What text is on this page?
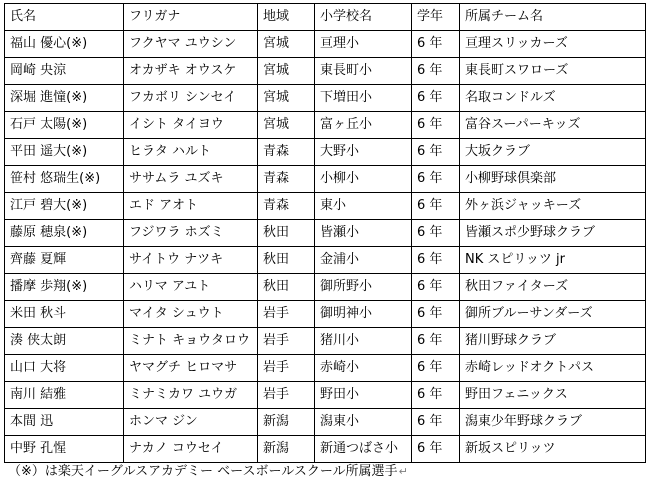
氏名	フリガナ	地域	小学校名	学年	所属チーム名
福山 優心(※)	フクヤマ ユウシン	宮城	亘理小	6 年	亘理スリッカーズ
岡崎 央涼	オカザキ オウスケ	宮城	東長町小	6 年	東長町スワローズ
深堀 進憧(※)	フカボリ シンセイ	宮城	下増田小	6 年	名取コンドルズ
石戸 太陽(※)	イシト タイヨウ	宮城	富ヶ丘小	6 年	富谷スーパーキッズ
平田 遥大(※)	ヒラタ ハルト	青森	大野小	6 年	大坂クラブ
笹村 悠瑞生(※)	ササムラ ユズキ	青森	小柳小	6 年	小柳野球倶楽部
江戸 碧大(※)	エド アオト	青森	東小	6 年	外ヶ浜ジャッキーズ
藤原 穂泉(※)	フジワラ ホズミ	秋田	皆瀬小	6 年	皆瀬スポ少野球クラブ
齊藤 夏輝	サイトウ ナツキ	秋田	金浦小	6 年	NK スピリッツ jr
播摩 歩翔(※)	ハリマ アユト	秋田	御所野小	6 年	秋田ファイターズ
米田 秋斗	マイタ シュウト	岩手	御明神小	6 年	御所ブルーサンダーズ
湊 侠太朗	ミナト キョウタロウ	岩手	猪川小	6 年	猪川野球クラブ
山口 大将	ヤマグチ ヒロマサ	岩手	赤崎小	6 年	赤崎レッドオクトパス
南川 結雅	ミナミカワ ユウガ	岩手	野田小	6 年	野田フェニックス
本間 迅	ホンマ ジン	新潟	潟東小	6 年	潟東少年野球クラブ
中野 孔惺	ナカノ コウセイ	新潟	新通つばさ小	6 年	新坂スピリッツ
（※）は楽天イーグルスアカデミー ベースボールスクール所属選手↵
